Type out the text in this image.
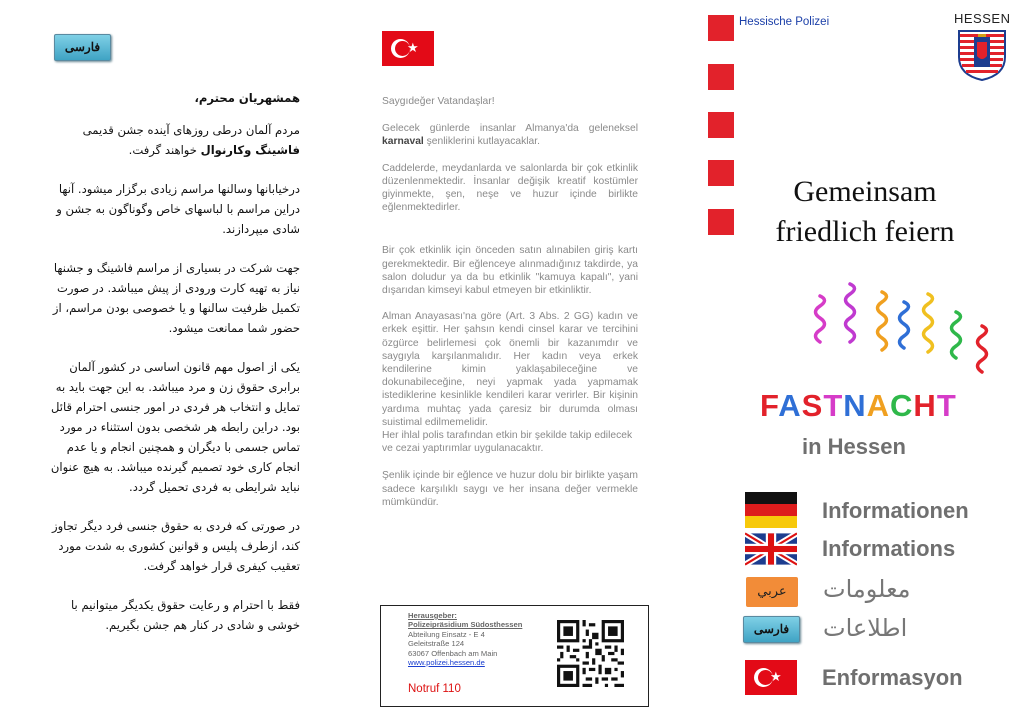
فارسی

همشهریان محترم،

مردم آلمان درطی روزهای آینده جشن قدیمی فاشینگ وکارنوال خواهند گرفت.

درخیابانها وسالنها مراسم زیادی برگزار میشود. آنها دراین مراسم با لباسهای خاص وگوناگون به جشن و شادی میپردازند.

جهت شرکت در بسیاری از مراسم فاشینگ و جشنها نیاز به تهیه کارت ورودی از پیش میباشد. در صورت تکمیل ظرفیت سالنها و یا خصوصی بودن مراسم، از حضور شما ممانعت میشود.

یکی از اصول مهم قانون اساسی در کشور آلمان برابری حقوق زن و مرد میباشد. به این جهت باید به تمایل و انتخاب هر فردی در امور جنسی احترام قائل بود. دراین رابطه هر شخصی بدون استثناء در مورد تماس جسمی با دیگران و همچنین انجام و یا عدم انجام کاری خود تصمیم گیرنده میباشد. به هیچ عنوان نباید شرایطی به فردی تحمیل گردد.

در صورتی که فردی به حقوق جنسی فرد دیگر تجاوز کند، ازطرف پلیس و قوانین کشوری به شدت مورد تعقیب کیفری قرار خواهد گرفت.

فقط با احترام و رعایت حقوق یکدیگر میتوانیم با خوشی و شادی در کنار هم جشن بگیریم.

★

Saygıdeğer Vatandaşlar!

Gelecek günlerde insanlar Almanya'da geleneksel karnaval şenliklerini kutlayacaklar.

Caddelerde, meydanlarda ve salonlarda bir çok etkinlik düzenlenmektedir. İnsanlar değişik kreatif kostümler giyinmekte, şen, neşe ve huzur içinde birlikte eğlenmektedirler.

Bir çok etkinlik için önceden satın alınabilen giriş kartı gerekmektedir. Bir eğlenceye alınmadığınız takdirde, ya salon doludur ya da bu etkinlik "kamuya kapalı", yani dışarıdan kimseyi kabul etmeyen bir etkinliktir.

Alman Anayasası'na göre (Art. 3 Abs. 2 GG) kadın ve erkek eşittir. Her şahsın kendi cinsel karar ve tercihini özgürce belirlemesi çok önemli bir kazanımdır ve saygıyla karşılanmalıdır. Her kadın veya erkek kendilerine kimin yaklaşabileceğine ve dokunabileceğine, neyi yapmak yada yapmamak istediklerine kesinlikle kendileri karar verirler. Bir kişinin yardıma muhtaç yada çaresiz bir durumda olması suistimal edilmemelidir.

Her ihlal polis tarafından etkin bir şekilde takip edilecek ve cezai yaptırımlar uygulanacaktır.

Şenlik içinde bir eğlence ve huzur dolu bir birlikte yaşam sadece karşılıklı saygı ve her insana değer vermekle mümkündür.

Herausgeber:
Polizeipräsidium Südosthessen
Abteilung Einsatz - E 4
Geleitstraße 124
63067 Offenbach am Main
www.polizei.hessen.de
Notruf 110
Hessische Polizei	HESSEN
Gemeinsam
friedlich feiern
FASTNACHT
in Hessen
Informationen
Informations
عربي	معلومات
فارسی	اطلاعات
★ Enformasyon
